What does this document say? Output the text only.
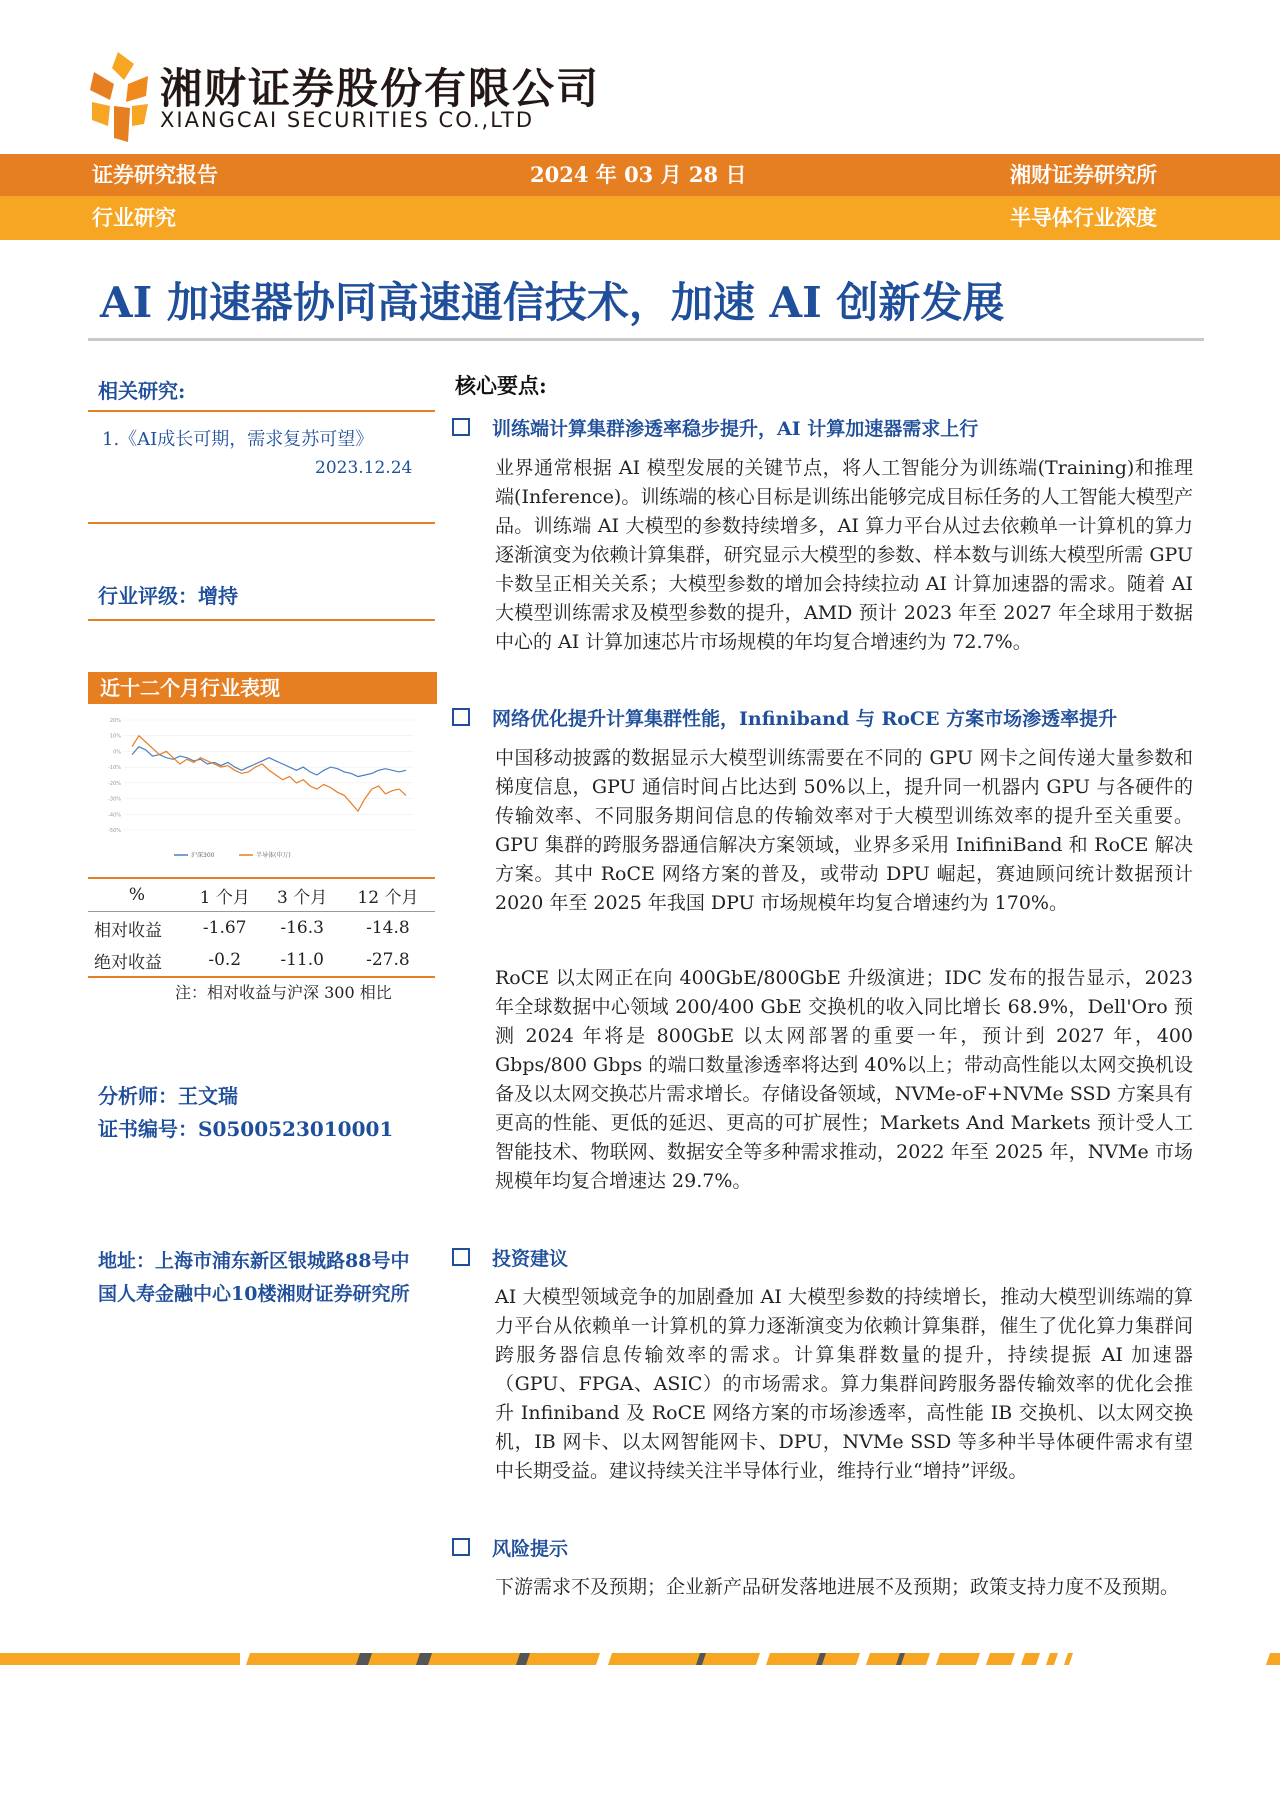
湘财证券股份有限公司
XIANGCAI SECURITIES CO.,LTD
证券研究报告	2024 年 03 月 28 日	湘财证券研究所
行业研究	半导体行业深度
AI 加速器协同高速通信技术，加速 AI 创新发展
相关研究:
1.《AI成长可期，需求复苏可望》
2023.12.24
行业评级：增持
近十二个月行业表现
20%
10%
0%
-10%
-20%
-30%
-40%
-50%
沪深300	半导体(申万)
%	1 个月	3 个月	12 个月
相对收益	-1.67	-16.3	-14.8
绝对收益	-0.2	-11.0	-27.8
注：相对收益与沪深 300 相比
分析师：王文瑞
证书编号：S0500523010001
地址：上海市浦东新区银城路88号中国人寿金融中心10楼湘财证券研究所
核心要点:
训练端计算集群渗透率稳步提升，AI 计算加速器需求上行

业界通常根据 AI 模型发展的关键节点，将人工智能分为训练端(Training)和推理端(Inference)。训练端的核心目标是训练出能够完成目标任务的人工智能大模型产品。训练端 AI 大模型的参数持续增多，AI 算力平台从过去依赖单一计算机的算力逐渐演变为依赖计算集群，研究显示大模型的参数、样本数与训练大模型所需 GPU 卡数呈正相关关系；大模型参数的增加会持续拉动 AI 计算加速器的需求。随着 AI 大模型训练需求及模型参数的提升，AMD 预计 2023 年至 2027 年全球用于数据中心的 AI 计算加速芯片市场规模的年均复合增速约为 72.7%。

网络优化提升计算集群性能，Infiniband 与 RoCE 方案市场渗透率提升

中国移动披露的数据显示大模型训练需要在不同的 GPU 网卡之间传递大量参数和梯度信息，GPU 通信时间占比达到 50%以上，提升同一机器内 GPU 与各硬件的传输效率、不同服务期间信息的传输效率对于大模型训练效率的提升至关重要。GPU 集群的跨服务器通信解决方案领域，业界多采用 InifiniBand 和 RoCE 解决方案。其中 RoCE 网络方案的普及，或带动 DPU 崛起，赛迪顾问统计数据预计 2020 年至 2025 年我国 DPU 市场规模年均复合增速约为 170%。

RoCE 以太网正在向 400GbE/800GbE 升级演进；IDC 发布的报告显示，2023 年全球数据中心领域 200/400 GbE 交换机的收入同比增长 68.9%，Dell'Oro 预测 2024 年将是 800GbE 以太网部署的重要一年，预计到 2027 年，400 Gbps/800 Gbps 的端口数量渗透率将达到 40%以上；带动高性能以太网交换机设备及以太网交换芯片需求增长。存储设备领域，NVMe-oF+NVMe SSD 方案具有更高的性能、更低的延迟、更高的可扩展性；Markets And Markets 预计受人工智能技术、物联网、数据安全等多种需求推动，2022 年至 2025 年，NVMe 市场规模年均复合增速达 29.7%。

投资建议

AI 大模型领域竞争的加剧叠加 AI 大模型参数的持续增长，推动大模型训练端的算力平台从依赖单一计算机的算力逐渐演变为依赖计算集群，催生了优化算力集群间跨服务器信息传输效率的需求。计算集群数量的提升，持续提振 AI 加速器（GPU、FPGA、ASIC）的市场需求。算力集群间跨服务器传输效率的优化会推升 Infiniband 及 RoCE 网络方案的市场渗透率，高性能 IB 交换机、以太网交换机，IB 网卡、以太网智能网卡、DPU，NVMe SSD 等多种半导体硬件需求有望中长期受益。建议持续关注半导体行业，维持行业“增持”评级。

风险提示

下游需求不及预期；企业新产品研发落地进展不及预期；政策支持力度不及预期。
